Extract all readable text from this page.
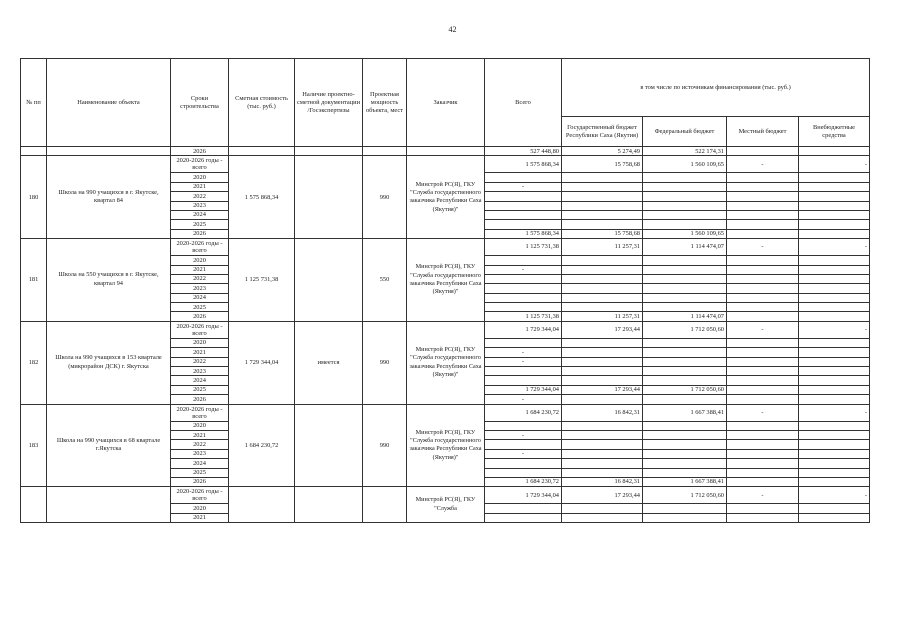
42
№ пп	Наименование объекта	Сроки строительства	Сметная стоимость (тыс. руб.)	Наличие проектно-сметной документации /Госэкспертизы	Проектная мощность объекта, мест	Заказчик	Всего	в том числе по источникам финансирования (тыс. руб.)			
								Государственный бюджет Республики Саха (Якутия)	Федеральный бюджет	Местный бюджет	Внебюджетные средства
		2026					527 448,80	5 274,49	522 174,31		
180	Школа на 990 учащихся в г. Якутске, квартал 84	2020-2026 годы - всего	1 575 868,34		990	Минстрой РС(Я), ГКУ "Служба государственного заказчика Республики Саха (Якутия)"	1 575 868,34	15 758,68	1 560 109,65	-	-
		2020									
		2021					-				
		2022									
		2023									
		2024									
		2025									
		2026					1 575 868,34	15 758,68	1 560 109,65		
181	Школа на 550 учащихся в г. Якутске, квартал 94	2020-2026 годы - всего	1 125 731,38		550	Минстрой РС(Я), ГКУ "Служба государственного заказчика Республики Саха (Якутия)"	1 125 731,38	11 257,31	1 114 474,07	-	-
		2020									
		2021					-				
		2022									
		2023									
		2024									
		2025									
		2026					1 125 731,38	11 257,31	1 114 474,07		
182	Школа на 990 учащихся в 153 квартале (микрорайон ДСК) г. Якутска	2020-2026 годы - всего	1 729 344,04	имеется	990	Минстрой РС(Я), ГКУ "Служба государственного заказчика Республики Саха (Якутия)"	1 729 344,04	17 293,44	1 712 050,60	-	-
		2020									
		2021					-				
		2022					-				
		2023									
		2024									
		2025					1 729 344,04	17 293,44	1 712 050,60		
		2026					-				
183	Школа на 990 учащихся в 68 квартале г.Якутска	2020-2026 годы - всего	1 684 230,72		990	Минстрой РС(Я), ГКУ "Служба государственного заказчика Республики Саха (Якутия)"	1 684 230,72	16 842,31	1 667 388,41	-	-
		2020									
		2021					-				
		2022									
		2023					-				
		2024									
		2025									
		2026					1 684 230,72	16 842,31	1 667 388,41		
		2020-2026 годы - всего				Минстрой РС(Я), ГКУ "Служба	1 729 344,04	17 293,44	1 712 050,60	-	-
		2020									
		2021									
